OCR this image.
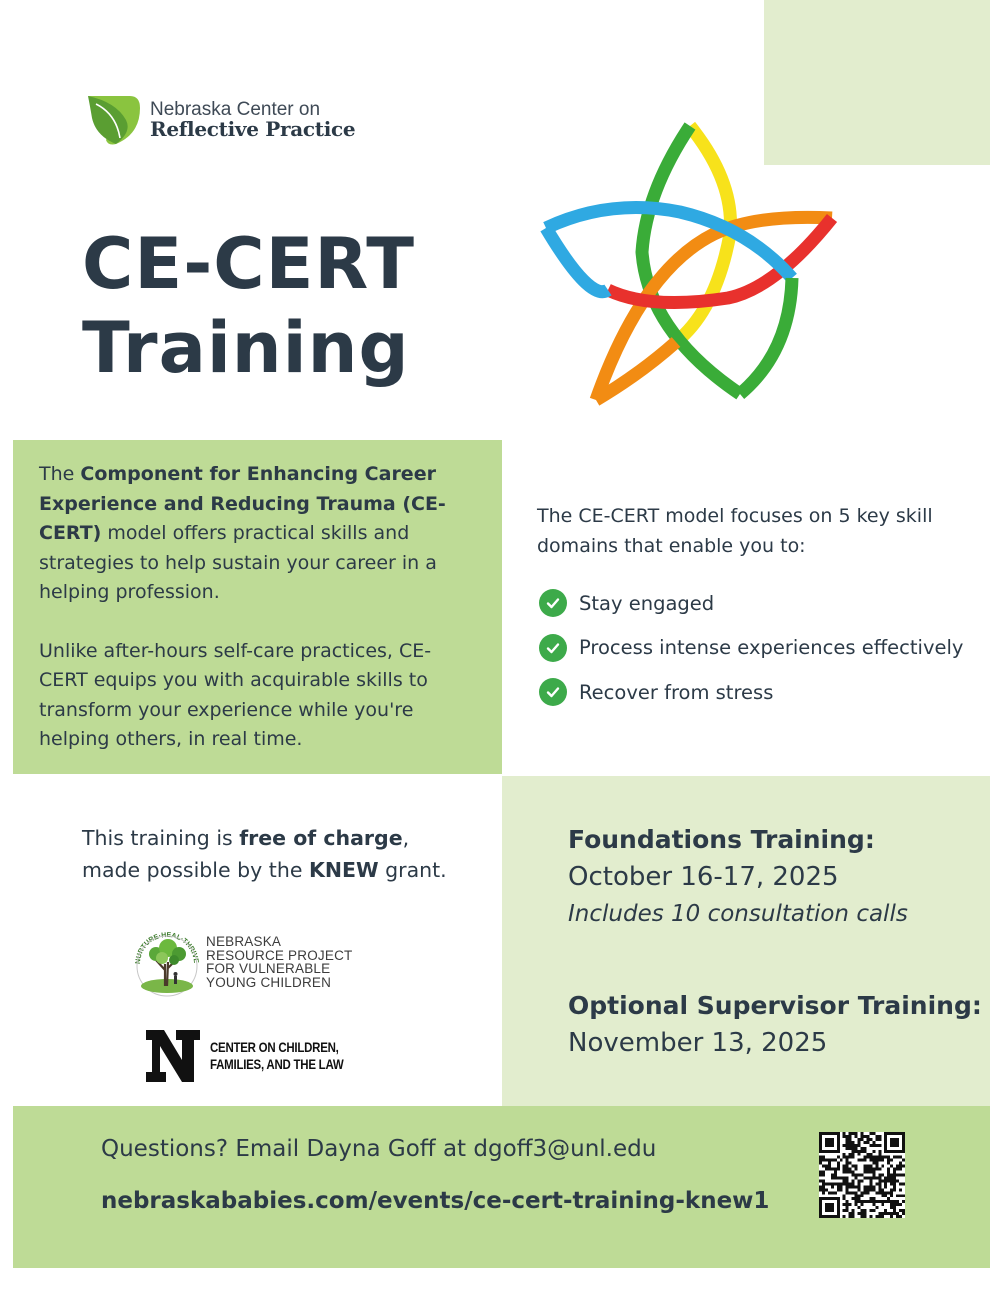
Nebraska Center on
Reflective Practice
CE-CERT
Training

The Component for Enhancing Career Experience and Reducing Trauma (CE-CERT) model offers practical skills and strategies to help sustain your career in a helping profession.

Unlike after-hours self-care practices, CE-CERT equips you with acquirable skills to transform your experience while you're helping others, in real time.

The CE-CERT model focuses on 5 key skill domains that enable you to:
Stay engaged
Process intense experiences effectively
Recover from stress
This training is free of charge,
made possible by the KNEW grant.
NURTURE·HEAL·THRIVE
NEBRASKA
RESOURCE PROJECT
FOR VULNERABLE
YOUNG CHILDREN
CENTER ON CHILDREN,
FAMILIES, AND THE LAW
Foundations Training:
October 16-17, 2025
Includes 10 consultation calls
Optional Supervisor Training:
November 13, 2025
Questions? Email Dayna Goff at dgoff3@unl.edu
nebraskababies.com/events/ce-cert-training-knew1
